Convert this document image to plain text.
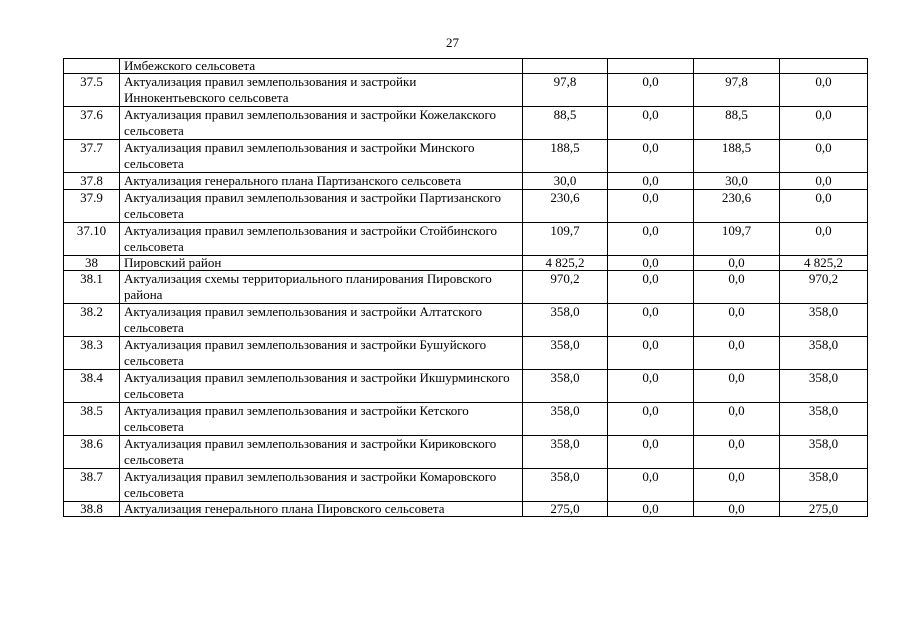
27
	Имбежского сельсовета				
37.5	Актуализация правил землепользования и застройки Иннокентьевского сельсовета	97,8	0,0	97,8	0,0
37.6	Актуализация правил землепользования и застройки Кожелакского сельсовета	88,5	0,0	88,5	0,0
37.7	Актуализация правил землепользования и застройки Минского сельсовета	188,5	0,0	188,5	0,0
37.8	Актуализация генерального плана Партизанского сельсовета	30,0	0,0	30,0	0,0
37.9	Актуализация правил землепользования и застройки Партизанского сельсовета	230,6	0,0	230,6	0,0
37.10	Актуализация правил землепользования и застройки Стойбинского сельсовета	109,7	0,0	109,7	0,0
38	Пировский район	4 825,2	0,0	0,0	4 825,2
38.1	Актуализация схемы территориального планирования Пировского района	970,2	0,0	0,0	970,2
38.2	Актуализация правил землепользования и застройки Алтатского сельсовета	358,0	0,0	0,0	358,0
38.3	Актуализация правил землепользования и застройки Бушуйского сельсовета	358,0	0,0	0,0	358,0
38.4	Актуализация правил землепользования и застройки Икшурминского сельсовета	358,0	0,0	0,0	358,0
38.5	Актуализация правил землепользования и застройки Кетского сельсовета	358,0	0,0	0,0	358,0
38.6	Актуализация правил землепользования и застройки Кириковского сельсовета	358,0	0,0	0,0	358,0
38.7	Актуализация правил землепользования и застройки Комаровского сельсовета	358,0	0,0	0,0	358,0
38.8	Актуализация генерального плана Пировского сельсовета	275,0	0,0	0,0	275,0
